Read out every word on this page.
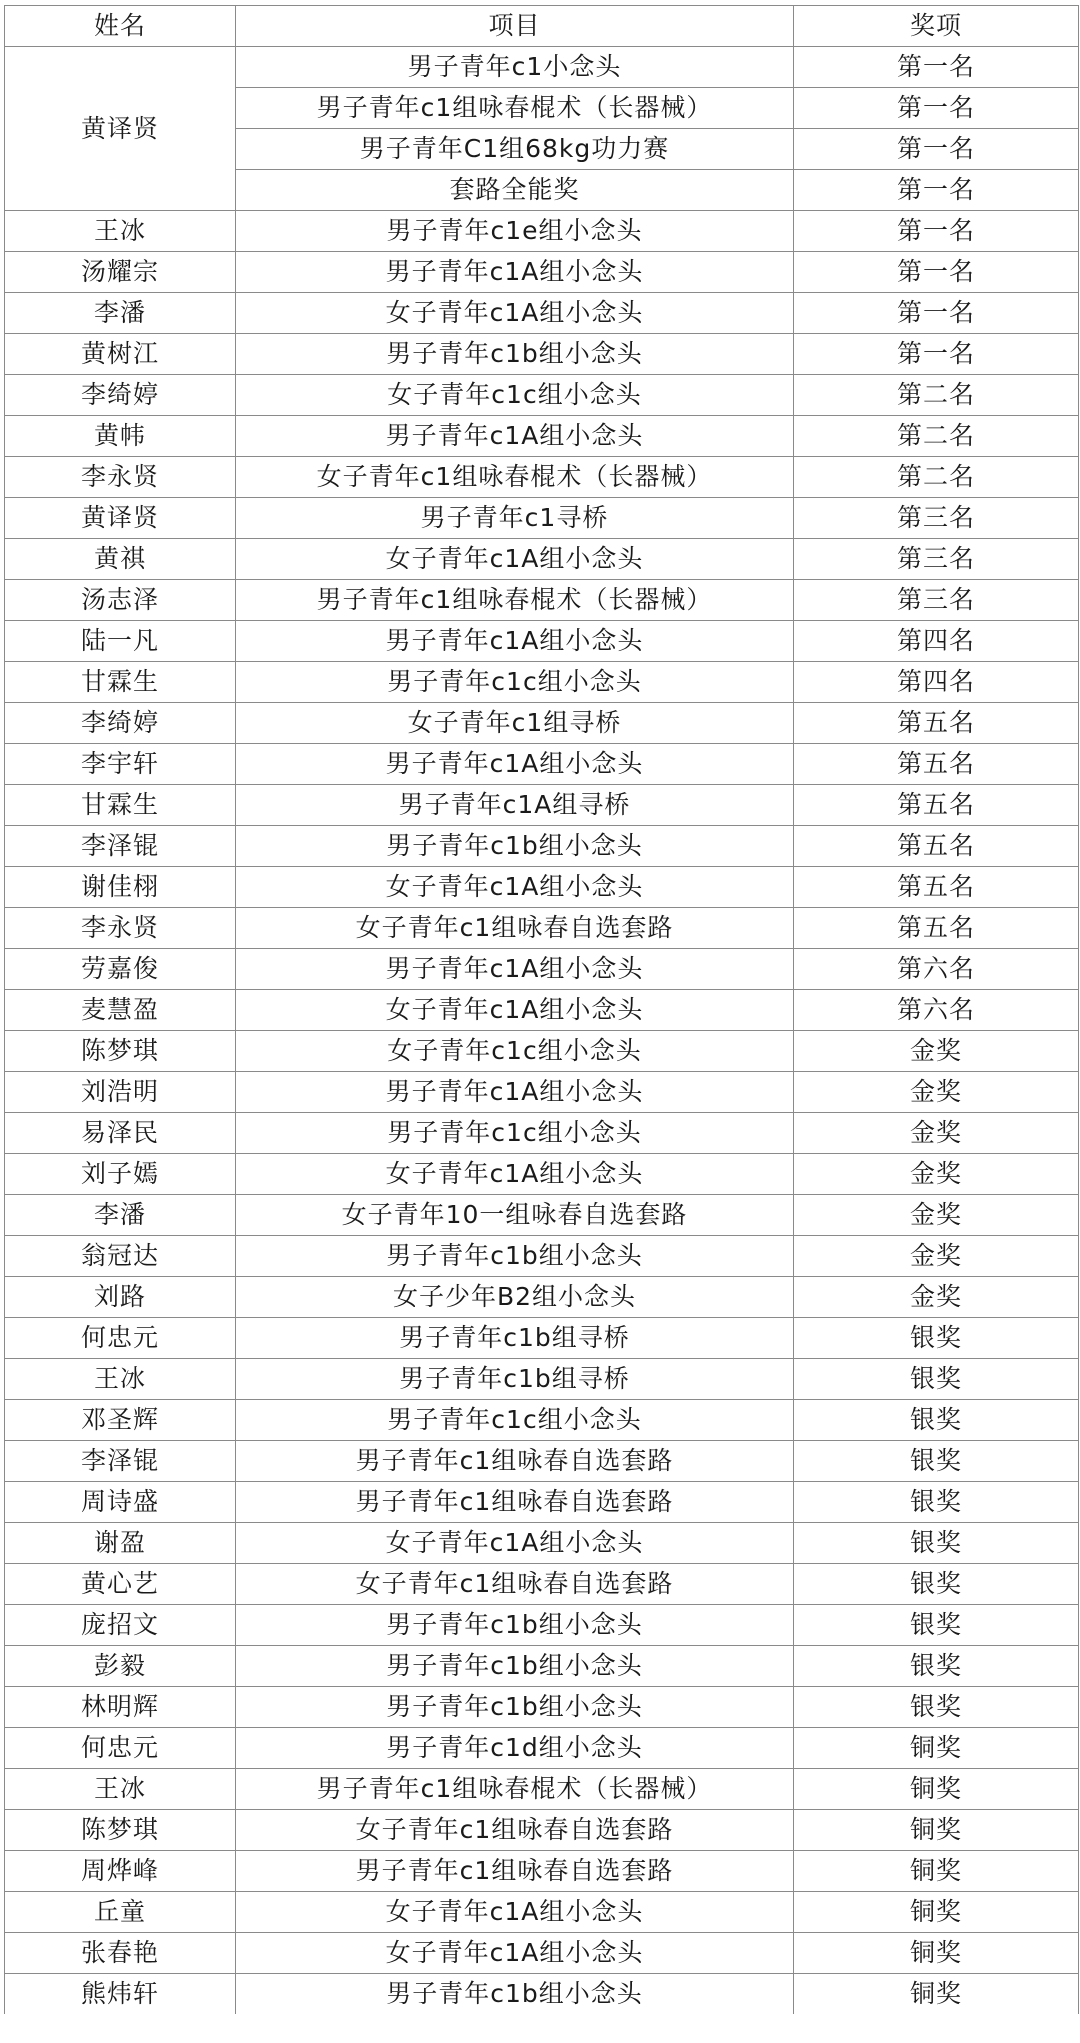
姓名	项目	奖项
黄译贤	男子青年c1小念头	第一名
	男子青年c1组咏春棍术（长器械）	第一名
	男子青年C1组68kg功力赛	第一名
	套路全能奖	第一名
王冰	男子青年c1e组小念头	第一名
汤耀宗	男子青年c1A组小念头	第一名
李潘	女子青年c1A组小念头	第一名
黄树江	男子青年c1b组小念头	第一名
李绮婷	女子青年c1c组小念头	第二名
黄帏	男子青年c1A组小念头	第二名
李永贤	女子青年c1组咏春棍术（长器械）	第二名
黄译贤	男子青年c1寻桥	第三名
黄祺	女子青年c1A组小念头	第三名
汤志泽	男子青年c1组咏春棍术（长器械）	第三名
陆一凡	男子青年c1A组小念头	第四名
甘霖生	男子青年c1c组小念头	第四名
李绮婷	女子青年c1组寻桥	第五名
李宇轩	男子青年c1A组小念头	第五名
甘霖生	男子青年c1A组寻桥	第五名
李泽锟	男子青年c1b组小念头	第五名
谢佳栩	女子青年c1A组小念头	第五名
李永贤	女子青年c1组咏春自选套路	第五名
劳嘉俊	男子青年c1A组小念头	第六名
麦慧盈	女子青年c1A组小念头	第六名
陈梦琪	女子青年c1c组小念头	金奖
刘浩明	男子青年c1A组小念头	金奖
易泽民	男子青年c1c组小念头	金奖
刘子嫣	女子青年c1A组小念头	金奖
李潘	女子青年10一组咏春自选套路	金奖
翁冠达	男子青年c1b组小念头	金奖
刘路	女子少年B2组小念头	金奖
何忠元	男子青年c1b组寻桥	银奖
王冰	男子青年c1b组寻桥	银奖
邓圣辉	男子青年c1c组小念头	银奖
李泽锟	男子青年c1组咏春自选套路	银奖
周诗盛	男子青年c1组咏春自选套路	银奖
谢盈	女子青年c1A组小念头	银奖
黄心艺	女子青年c1组咏春自选套路	银奖
庞招文	男子青年c1b组小念头	银奖
彭毅	男子青年c1b组小念头	银奖
林明辉	男子青年c1b组小念头	银奖
何忠元	男子青年c1d组小念头	铜奖
王冰	男子青年c1组咏春棍术（长器械）	铜奖
陈梦琪	女子青年c1组咏春自选套路	铜奖
周烨峰	男子青年c1组咏春自选套路	铜奖
丘童	女子青年c1A组小念头	铜奖
张春艳	女子青年c1A组小念头	铜奖
熊炜轩	男子青年c1b组小念头	铜奖
